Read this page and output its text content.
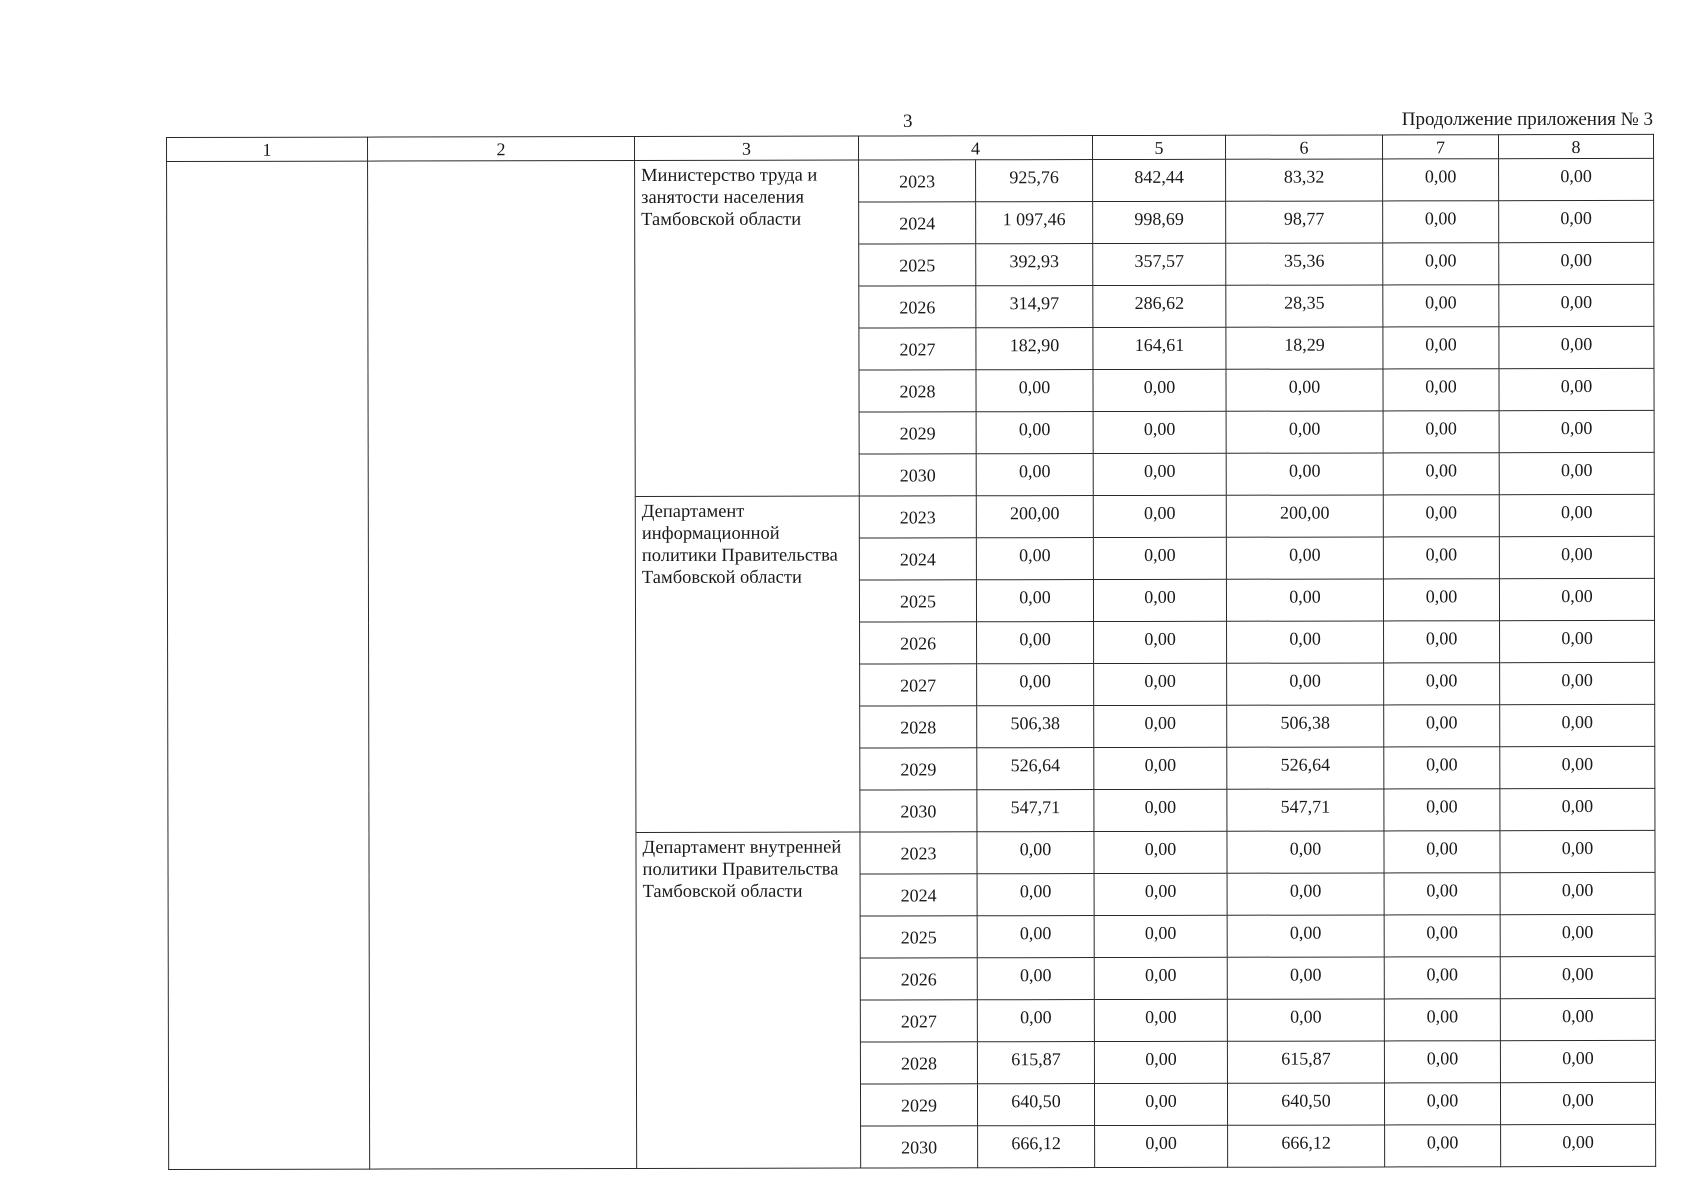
3	Продолжение приложения № 3
1	2	3	4		5	6	7	8
		Министерство труда и занятости населения Тамбовской области	2023	925,76	842,44	83,32	0,00	0,00
			2024	1 097,46	998,69	98,77	0,00	0,00
			2025	392,93	357,57	35,36	0,00	0,00
			2026	314,97	286,62	28,35	0,00	0,00
			2027	182,90	164,61	18,29	0,00	0,00
			2028	0,00	0,00	0,00	0,00	0,00
			2029	0,00	0,00	0,00	0,00	0,00
			2030	0,00	0,00	0,00	0,00	0,00
		Департамент информационной политики Правительства Тамбовской области	2023	200,00	0,00	200,00	0,00	0,00
			2024	0,00	0,00	0,00	0,00	0,00
			2025	0,00	0,00	0,00	0,00	0,00
			2026	0,00	0,00	0,00	0,00	0,00
			2027	0,00	0,00	0,00	0,00	0,00
			2028	506,38	0,00	506,38	0,00	0,00
			2029	526,64	0,00	526,64	0,00	0,00
			2030	547,71	0,00	547,71	0,00	0,00
		Департамент внутренней политики Правительства Тамбовской области	2023	0,00	0,00	0,00	0,00	0,00
			2024	0,00	0,00	0,00	0,00	0,00
			2025	0,00	0,00	0,00	0,00	0,00
			2026	0,00	0,00	0,00	0,00	0,00
			2027	0,00	0,00	0,00	0,00	0,00
			2028	615,87	0,00	615,87	0,00	0,00
			2029	640,50	0,00	640,50	0,00	0,00
			2030	666,12	0,00	666,12	0,00	0,00
